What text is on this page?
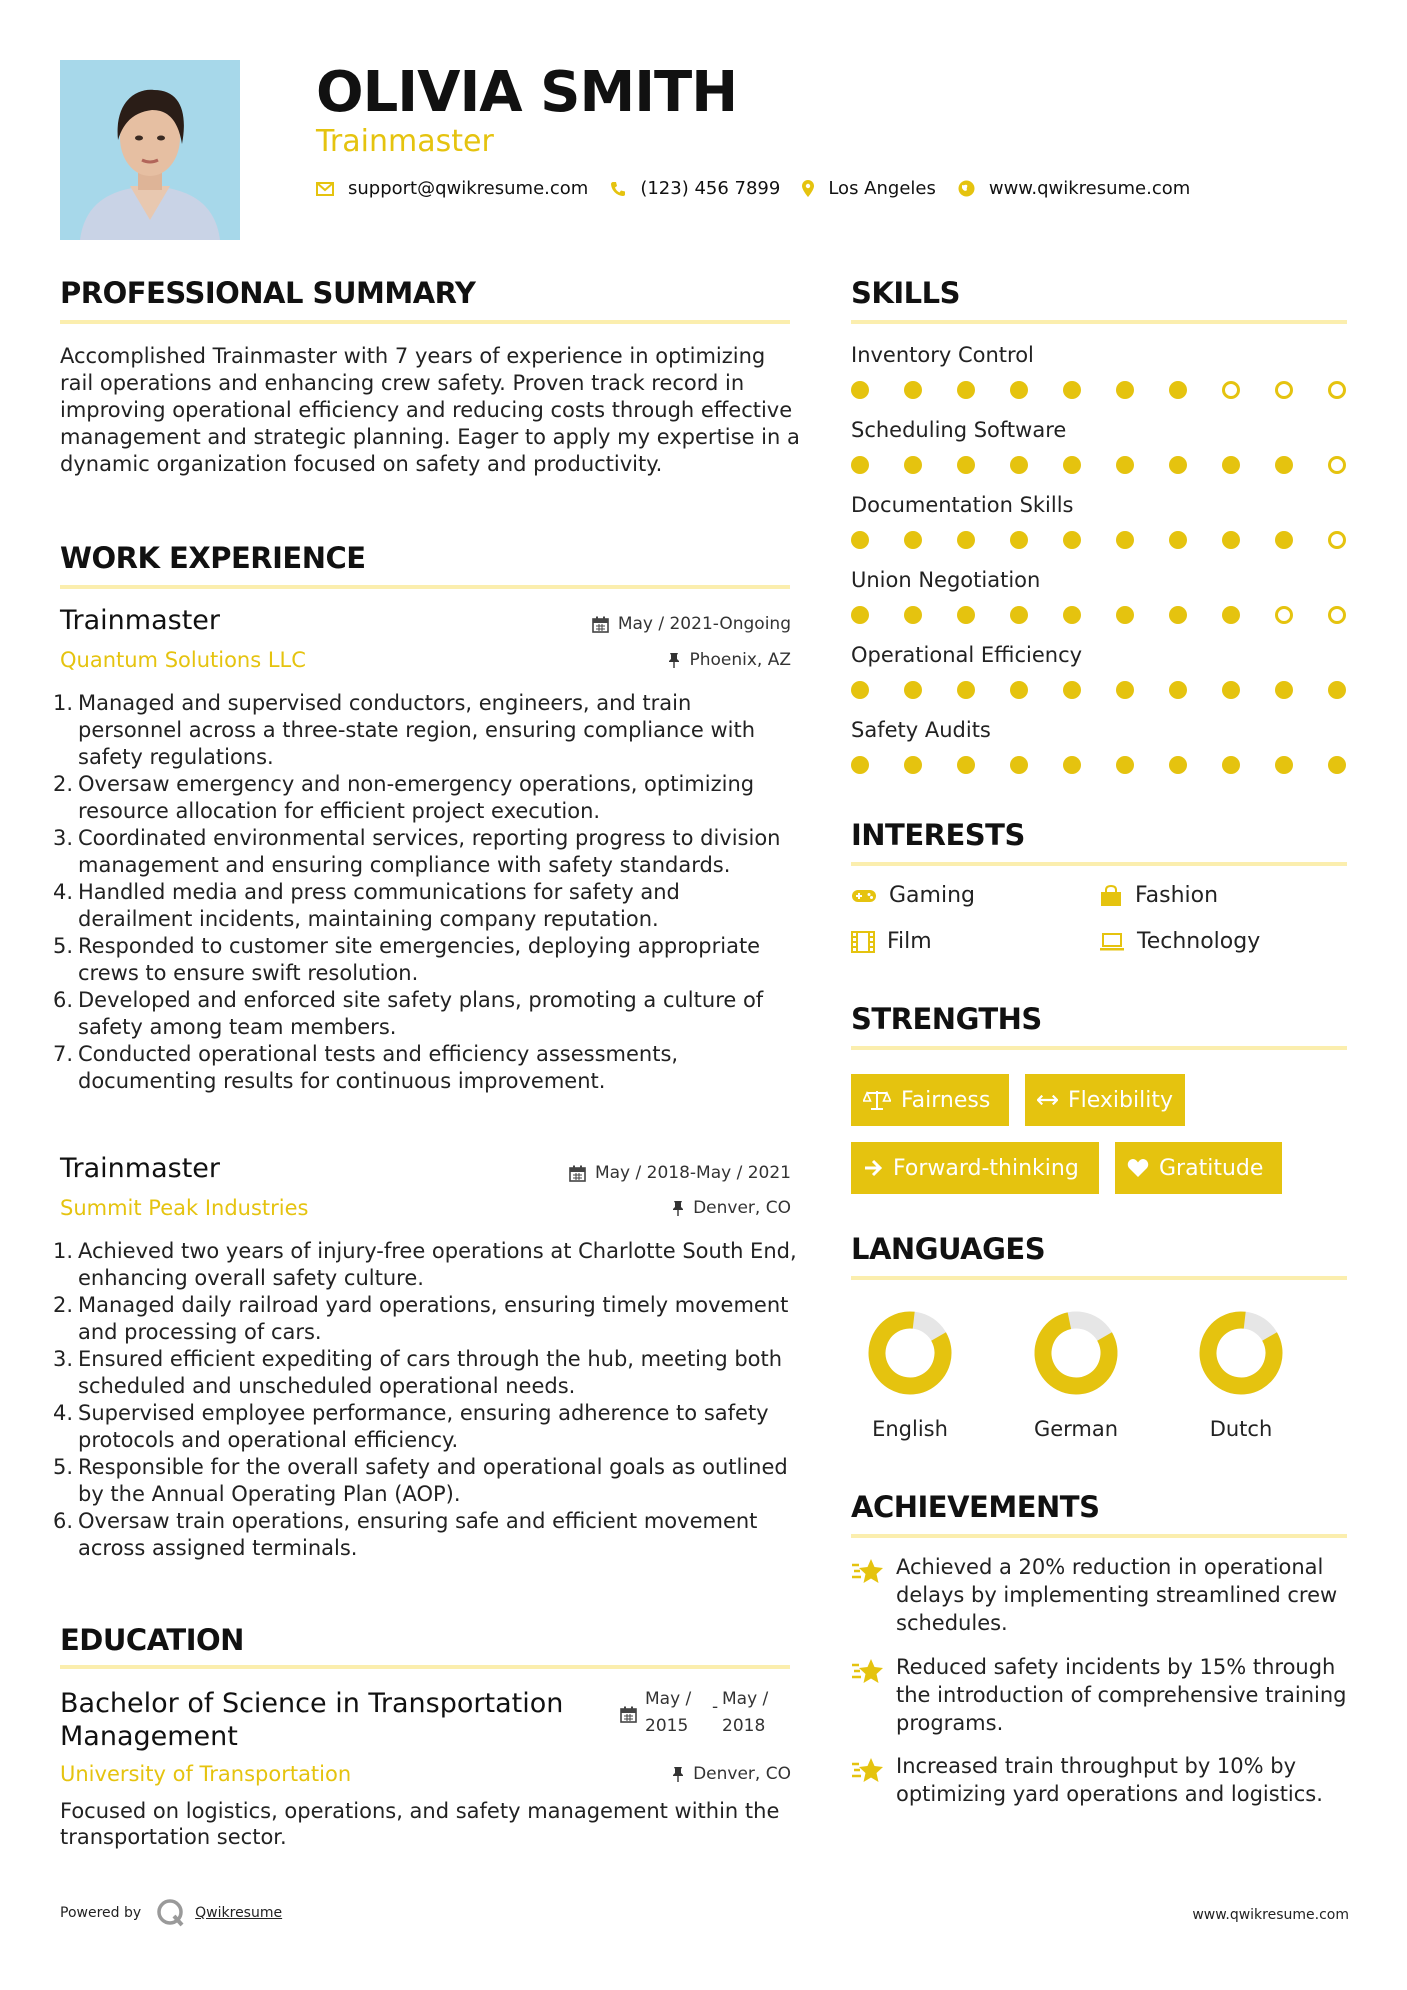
OLIVIA SMITH
Trainmaster
support@qwikresume.com	(123) 456 7899	Los Angeles	www.qwikresume.com
PROFESSIONAL SUMMARY
Accomplished Trainmaster with 7 years of experience in optimizing rail operations and enhancing crew safety. Proven track record in improving operational efficiency and reducing costs through effective management and strategic planning. Eager to apply my expertise in a dynamic organization focused on safety and productivity.
WORK EXPERIENCE
Trainmaster
Quantum Solutions LLC
May / 2021-Ongoing
Phoenix, AZ
1. Managed and supervised conductors, engineers, and train personnel across a three-state region, ensuring compliance with safety regulations.
2. Oversaw emergency and non-emergency operations, optimizing resource allocation for efficient project execution.
3. Coordinated environmental services, reporting progress to division management and ensuring compliance with safety standards.
4. Handled media and press communications for safety and derailment incidents, maintaining company reputation.
5. Responded to customer site emergencies, deploying appropriate crews to ensure swift resolution.
6. Developed and enforced site safety plans, promoting a culture of safety among team members.
7. Conducted operational tests and efficiency assessments, documenting results for continuous improvement.
Trainmaster
Summit Peak Industries
May / 2018-May / 2021
Denver, CO
1. Achieved two years of injury-free operations at Charlotte South End, enhancing overall safety culture.
2. Managed daily railroad yard operations, ensuring timely movement and processing of cars.
3. Ensured efficient expediting of cars through the hub, meeting both scheduled and unscheduled operational needs.
4. Supervised employee performance, ensuring adherence to safety protocols and operational efficiency.
5. Responsible for the overall safety and operational goals as outlined by the Annual Operating Plan (AOP).
6. Oversaw train operations, ensuring safe and efficient movement across assigned terminals.
EDUCATION
Bachelor of Science in Transportation Management
May / 2015
- May / 2018
University of Transportation	Denver, CO
Focused on logistics, operations, and safety management within the transportation sector.
SKILLS
Inventory Control
Scheduling Software
Documentation Skills
Union Negotiation
Operational Efficiency
Safety Audits
INTERESTS
Gaming	Fashion
Film	Technology
STRENGTHS
Fairness	Flexibility
Forward-thinking	Gratitude
LANGUAGES
English	German	Dutch
ACHIEVEMENTS
Achieved a 20% reduction in operational delays by implementing streamlined crew schedules.
Reduced safety incidents by 15% through the introduction of comprehensive training programs.
Increased train throughput by 10% by optimizing yard operations and logistics.
Powered by	Qwikresume	www.qwikresume.com
